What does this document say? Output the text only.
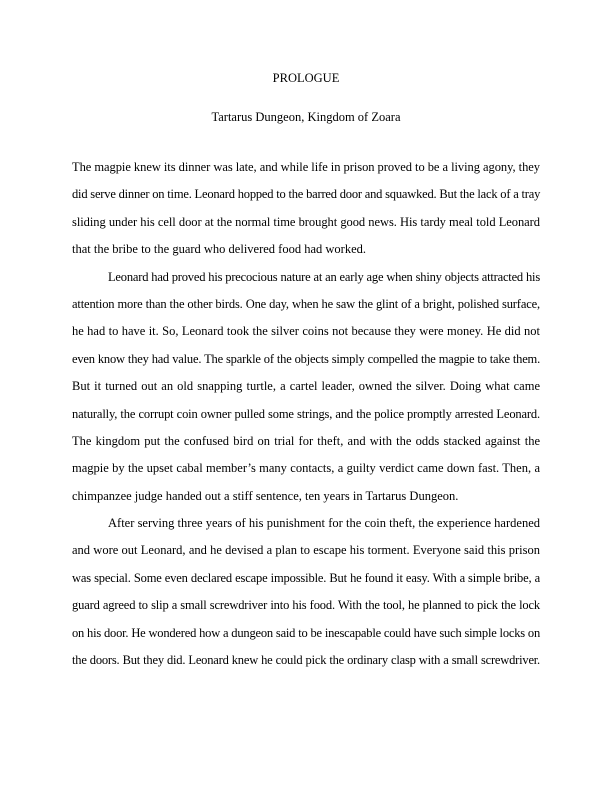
PROLOGUE
Tartarus Dungeon, Kingdom of Zoara
The magpie knew its dinner was late, and while life in prison proved to be a living agony, they
did serve dinner on time. Leonard hopped to the barred door and squawked. But the lack of a tray
sliding under his cell door at the normal time brought good news. His tardy meal told Leonard
that the bribe to the guard who delivered food had worked.
Leonard had proved his precocious nature at an early age when shiny objects attracted his
attention more than the other birds. One day, when he saw the glint of a bright, polished surface,
he had to have it. So, Leonard took the silver coins not because they were money. He did not
even know they had value. The sparkle of the objects simply compelled the magpie to take them.
But it turned out an old snapping turtle, a cartel leader, owned the silver. Doing what came
naturally, the corrupt coin owner pulled some strings, and the police promptly arrested Leonard.
The kingdom put the confused bird on trial for theft, and with the odds stacked against the
magpie by the upset cabal member’s many contacts, a guilty verdict came down fast. Then, a
chimpanzee judge handed out a stiff sentence, ten years in Tartarus Dungeon.
After serving three years of his punishment for the coin theft, the experience hardened
and wore out Leonard, and he devised a plan to escape his torment. Everyone said this prison
was special. Some even declared escape impossible. But he found it easy. With a simple bribe, a
guard agreed to slip a small screwdriver into his food. With the tool, he planned to pick the lock
on his door. He wondered how a dungeon said to be inescapable could have such simple locks on
the doors. But they did. Leonard knew he could pick the ordinary clasp with a small screwdriver.
